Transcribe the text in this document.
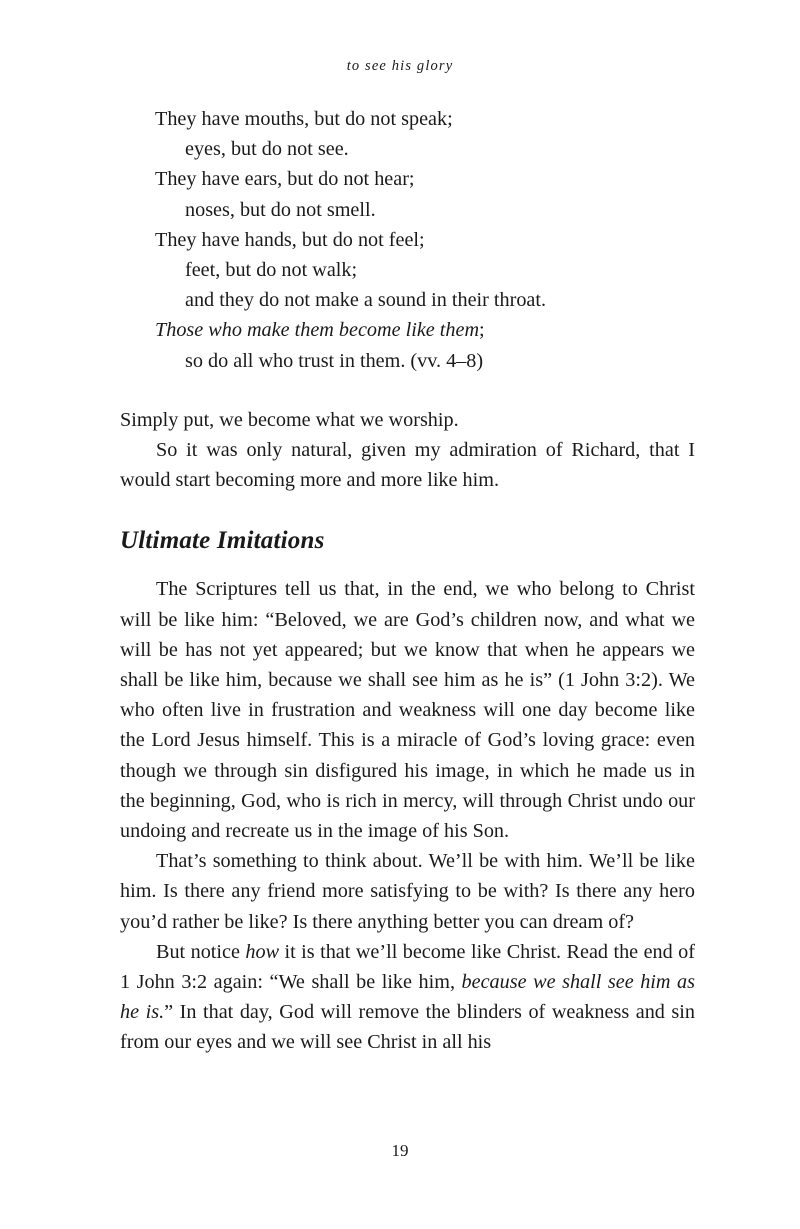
to see his glory
They have mouths, but do not speak;
eyes, but do not see.
They have ears, but do not hear;
noses, but do not smell.
They have hands, but do not feel;
feet, but do not walk;
and they do not make a sound in their throat.
Those who make them become like them;
so do all who trust in them. (vv. 4–8)

Simply put, we become what we worship.

So it was only natural, given my admiration of Richard, that I would start becoming more and more like him.

Ultimate Imitations

The Scriptures tell us that, in the end, we who belong to Christ will be like him: “Beloved, we are God’s children now, and what we will be has not yet appeared; but we know that when he appears we shall be like him, because we shall see him as he is” (1 John 3:2). We who often live in frustration and weakness will one day become like the Lord Jesus himself. This is a miracle of God’s loving grace: even though we through sin disfigured his image, in which he made us in the beginning, God, who is rich in mercy, will through Christ undo our undoing and recreate us in the image of his Son.

That’s something to think about. We’ll be with him. We’ll be like him. Is there any friend more satisfying to be with? Is there any hero you’d rather be like? Is there anything better you can dream of?

But notice how it is that we’ll become like Christ. Read the end of 1 John 3:2 again: “We shall be like him, because we shall see him as he is.” In that day, God will remove the blinders of weakness and sin from our eyes and we will see Christ in all his

19
